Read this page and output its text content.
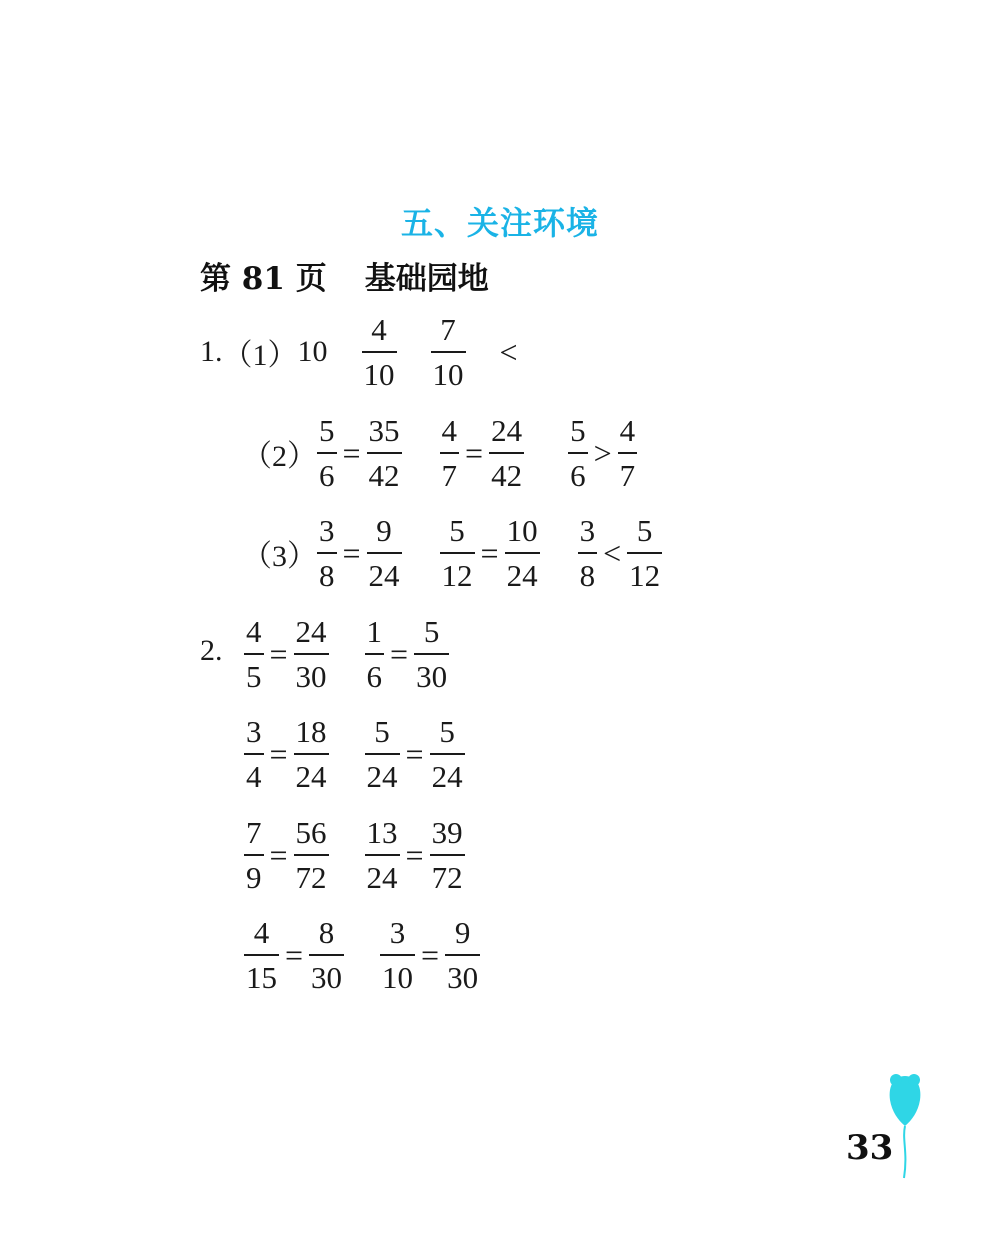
五、关注环境
第 81 页 基础园地
1. （1） $10 \frac{4}{10} \frac{7}{10}$ <
$(2) \frac{5}{6} = \frac{35}{42} \frac{4}{7} = \frac{24}{42} \frac{5}{6} > \frac{4}{7}$
$(3) \frac{3}{8} = \frac{9}{24} \frac{5}{12} = \frac{10}{24} \frac{3}{8} < \frac{5}{12}$
2. $\frac{4}{5} = \frac{24}{30} \frac{1}{6} = \frac{5}{30}$
$\frac{3}{4} = \frac{18}{24} \frac{5}{24} = \frac{5}{24}$
$\frac{7}{9} = \frac{56}{72} \frac{13}{24} = \frac{39}{72}$
$\frac{4}{15} = \frac{8}{30} \frac{3}{10} = \frac{9}{30}$
33
